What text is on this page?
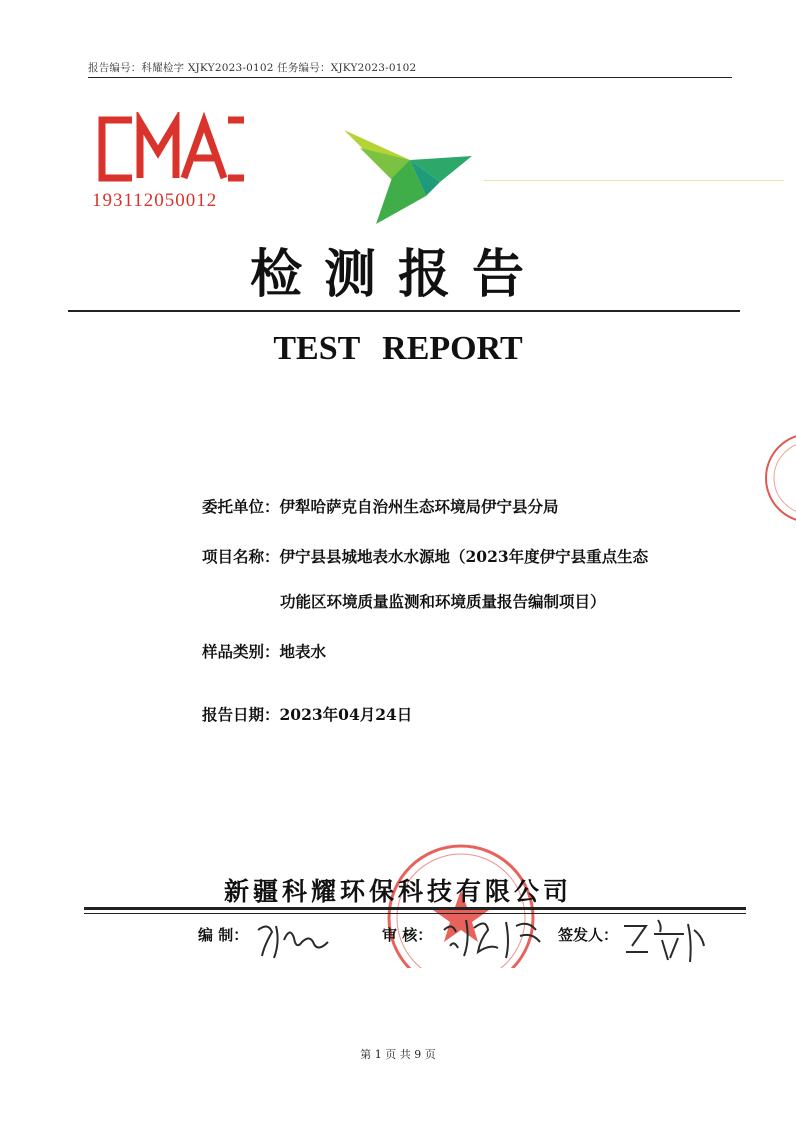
报告编号：科耀检字 XJKY2023-0102 任务编号：XJKY2023-0102
CMA
193112050012
检测报告
TEST REPORT
委托单位：伊犁哈萨克自治州生态环境局伊宁县分局
项目名称：伊宁县县城地表水水源地（2023年度伊宁县重点生态
功能区环境质量监测和环境质量报告编制项目）
样品类别：地表水
报告日期：2023年04月24日
新疆科耀环保科技有限公司
编 制：	审 核：	签发人：
第 1 页 共 9 页
